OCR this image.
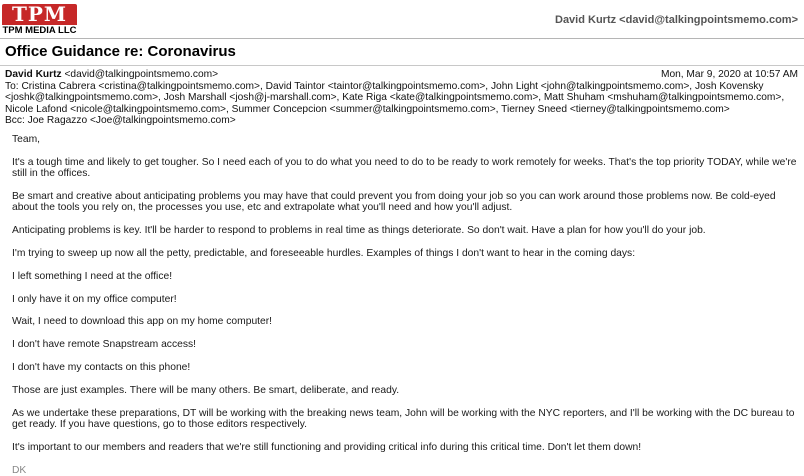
TPM
TPM MEDIA LLC
David Kurtz <david@talkingpointsmemo.com>
Office Guidance re: Coronavirus
David Kurtz <david@talkingpointsmemo.com>	Mon, Mar 9, 2020 at 10:57 AM
To: Cristina Cabrera <cristina@talkingpointsmemo.com>, David Taintor <taintor@talkingpointsmemo.com>, John Light <john@talkingpointsmemo.com>, Josh Kovensky <joshk@talkingpointsmemo.com>, Josh Marshall <josh@j-marshall.com>, Kate Riga <kate@talkingpointsmemo.com>, Matt Shuham <mshuham@talkingpointsmemo.com>, Nicole Lafond <nicole@talkingpointsmemo.com>, Summer Concepcion <summer@talkingpointsmemo.com>, Tierney Sneed <tierney@talkingpointsmemo.com>
Bcc: Joe Ragazzo <Joe@talkingpointsmemo.com>

Team,

It's a tough time and likely to get tougher. So I need each of you to do what you need to do to be ready to work remotely for weeks. That's the top priority TODAY, while we're still in the offices.

Be smart and creative about anticipating problems you may have that could prevent you from doing your job so you can work around those problems now. Be cold-eyed about the tools you rely on, the processes you use, etc and extrapolate what you'll need and how you'll adjust.

Anticipating problems is key. It'll be harder to respond to problems in real time as things deteriorate. So don't wait. Have a plan for how you'll do your job.

I'm trying to sweep up now all the petty, predictable, and foreseeable hurdles. Examples of things I don't want to hear in the coming days:

I left something I need at the office!

I only have it on my office computer!

Wait, I need to download this app on my home computer!

I don't have remote Snapstream access!

I don't have my contacts on this phone!

Those are just examples. There will be many others. Be smart, deliberate, and ready.

As we undertake these preparations, DT will be working with the breaking news team, John will be working with the NYC reporters, and I'll be working with the DC bureau to get ready. If you have questions, go to those editors respectively.

It's important to our members and readers that we're still functioning and providing critical info during this critical time. Don't let them down!

DK
